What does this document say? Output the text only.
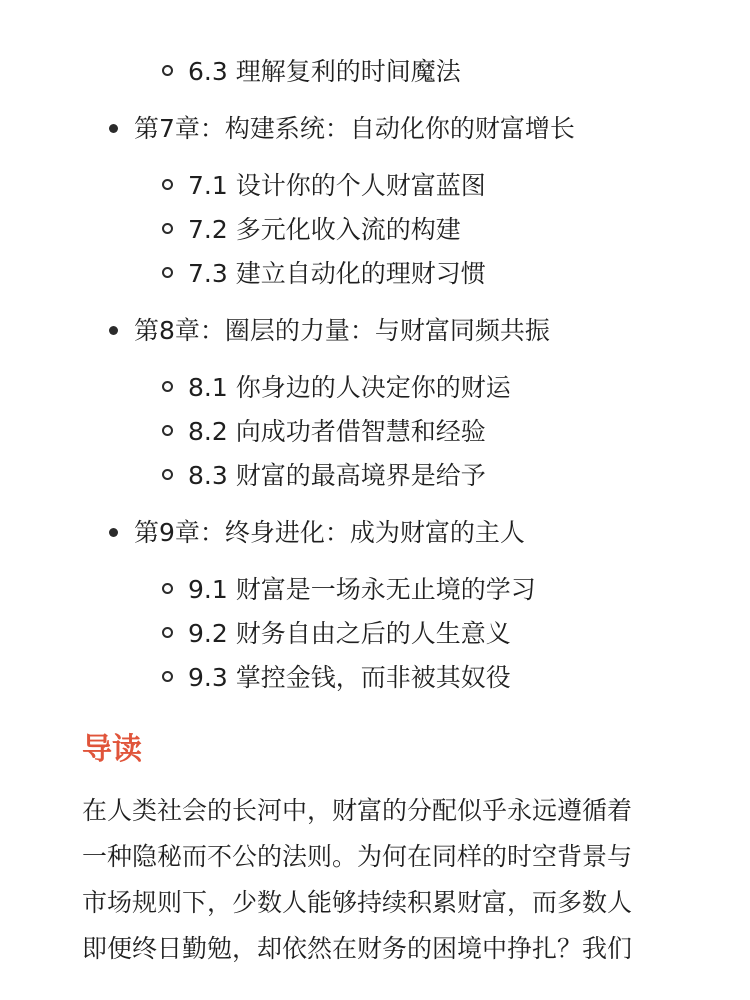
6.3 理解复利的时间魔法
第7章：构建系统：自动化你的财富增长
7.1 设计你的个人财富蓝图
7.2 多元化收入流的构建
7.3 建立自动化的理财习惯
第8章：圈层的力量：与财富同频共振
8.1 你身边的人决定你的财运
8.2 向成功者借智慧和经验
8.3 财富的最高境界是给予
第9章：终身进化：成为财富的主人
9.1 财富是一场永无止境的学习
9.2 财务自由之后的人生意义
9.3 掌控金钱，而非被其奴役
导读
在人类社会的长河中，财富的分配似乎永远遵循着
一种隐秘而不公的法则。为何在同样的时空背景与
市场规则下，少数人能够持续积累财富，而多数人
即便终日勤勉，却依然在财务的困境中挣扎？我们
